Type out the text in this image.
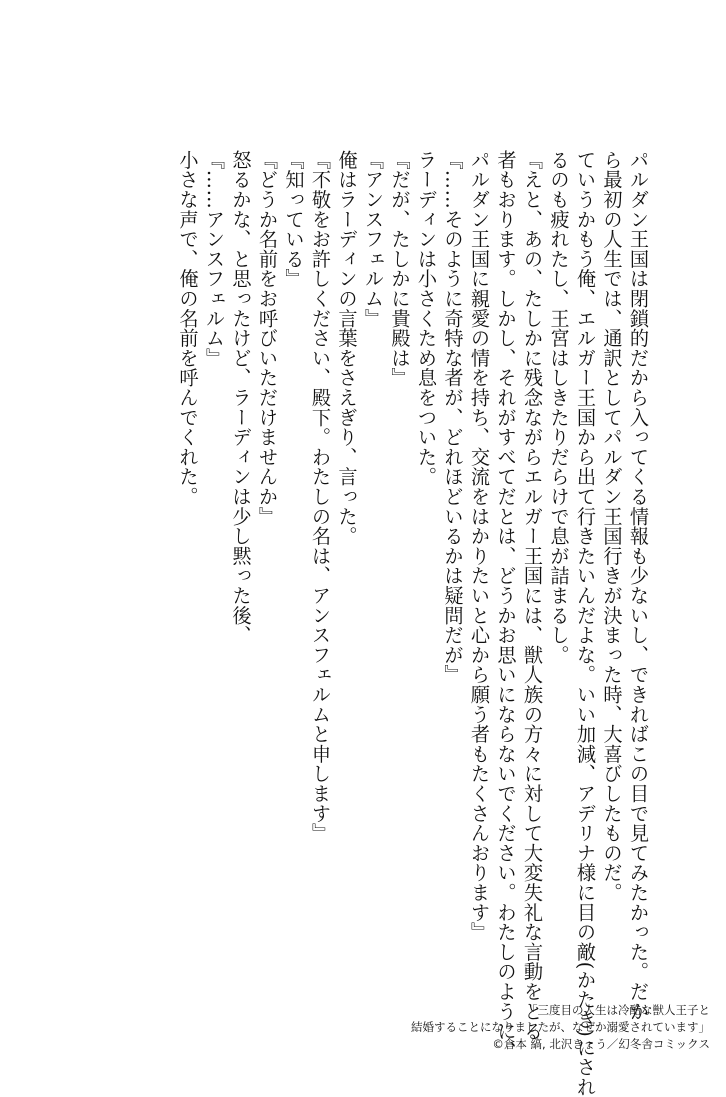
パルダン王国は閉鎖的だから入ってくる情報も少ないし、できればこの目で見てみたかった。だか

ら最初の人生では、通訳としてパルダン王国行きが決まった時、大喜びしたものだ。

ていうかもう俺、エルガー王国から出て行きたいんだよな。いい加減、アデリナ様に目の敵(かたき)にされ

るのも疲れたし、王宮はしきたりだらけで息が詰まるし。

『えと、あの、たしかに残念ながらエルガー王国には、獣人族の方々に対して大変失礼な言動をとる

者もおります。しかし、それがすべてだとは、どうかお思いにならないでください。わたしのように、

パルダン王国に親愛の情を持ち、交流をはかりたいと心から願う者もたくさんおります』

『……そのように奇特な者が、どれほどいるかは疑問だが』

ラーディンは小さくため息をついた。

『だが、たしかに貴殿は』

『アンスフェルム』

俺はラーディンの言葉をさえぎり、言った。

『不敬をお許しください、殿下。わたしの名は、アンスフェルムと申します』

『知っている』

『どうか名前をお呼びいただけませんか』

怒るかな、と思ったけど、ラーディンは少し黙った後、

『……アンスフェルム』

小さな声で、俺の名前を呼んでくれた。

「三度目の人生は冷酷な獣人王子と
結婚することになりましたが、なぜか溺愛されています」
©倉本 縞, 北沢きょう／幻冬舎コミックス
